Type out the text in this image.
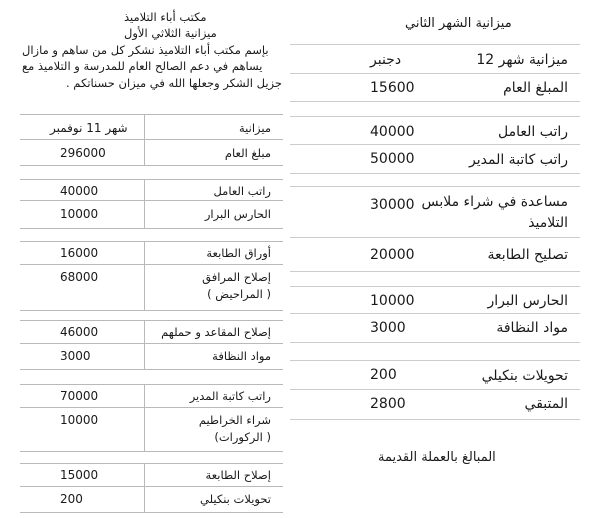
مكتب أباء التلاميذ
ميزانية الثلاثي الأول
بإسم مكتب أباء التلاميذ نشكر كل من ساهم و مازال
يساهم في دعم الصالح العام للمدرسة و التلاميذ مع
جزيل الشكر وجعلها الله في ميزان حسناتكم .
ميزانية
شهر 11 نوفمبر
مبلغ العام
296000
راتب العامل
40000
الحارس البرار
10000
أوراق الطابعة
16000
إصلاح المرافق
( المراحيض )
68000
إصلاح المقاعد و حملهم
46000
مواد النظافة
3000
راتب كاتبة المدير
70000
شراء الخراطيم
( الركورات)
10000
إصلاح الطابعة
15000
تحويلات بنكيلي
200
ميزانية الشهر الثاني
ميزانية شهر 12
دجنبر
المبلغ العام
15600
راتب العامل
40000
راتب كاتبة المدير
50000
مساعدة في شراء ملابس
التلاميذ
30000
تصليح الطابعة
20000
الحارس البرار
10000
مواد النظافة
3000
تحويلات بنكيلي
200
المتبقي
2800
المبالغ بالعملة القديمة
